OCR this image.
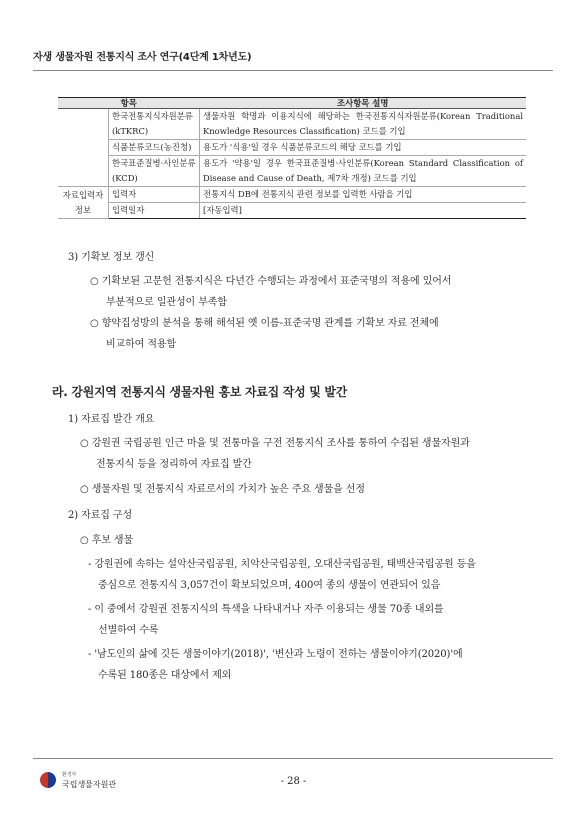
자생 생물자원 전통지식 조사 연구(4단계 1차년도)
항목		조사항목 설명
	한국전통지식자원분류(kTKRC)	생물자원 학명과 이용지식에 해당하는 한국전통지식자원분류(Korean Traditional Knowledge Resources Classification) 코드를 기입
	식품분류코드(농진청)	용도가 '식용'일 경우 식품분류코드의 해당 코드를 기입
	한국표준질병·사인분류(KCD)	용도가 '약용'일 경우 한국표준질병·사인분류(Korean Standard Classification of Disease and Cause of Death, 제7차 개정) 코드를 기입
자료입력자 정보	입력자	전통지식 DB에 전통지식 관련 정보를 입력한 사람을 기입
	입력일자	[자동입력]
3) 기확보 정보 갱신
○ 기확보된 고문헌 전통지식은 다년간 수행되는 과정에서 표준국명의 적용에 있어서
부분적으로 일관성이 부족함
○ 향약집성방의 분석을 통해 해석된 옛 이름-표준국명 관계를 기확보 자료 전체에
비교하여 적용함
라. 강원지역 전통지식 생물자원 홍보 자료집 작성 및 발간
1) 자료집 발간 개요
○ 강원권 국립공원 인근 마을 및 전통마을 구전 전통지식 조사를 통하여 수집된 생물자원과
전통지식 등을 정리하여 자료집 발간
○ 생물자원 및 전통지식 자료로서의 가치가 높은 주요 생물을 선정
2) 자료집 구성
○ 후보 생물
- 강원권에 속하는 설악산국립공원, 치악산국립공원, 오대산국립공원, 태백산국립공원 등을
중심으로 전통지식 3,057건이 확보되었으며, 400여 종의 생물이 연관되어 있음
- 이 중에서 강원권 전통지식의 특색을 나타내거나 자주 이용되는 생물 70종 내외를
선별하여 수록
- '남도인의 삶에 깃든 생물이야기(2018)', '변산과 노령이 전하는 생물이야기(2020)'에
수록된 180종은 대상에서 제외
환경부
국립생물자원관	- 28 -
